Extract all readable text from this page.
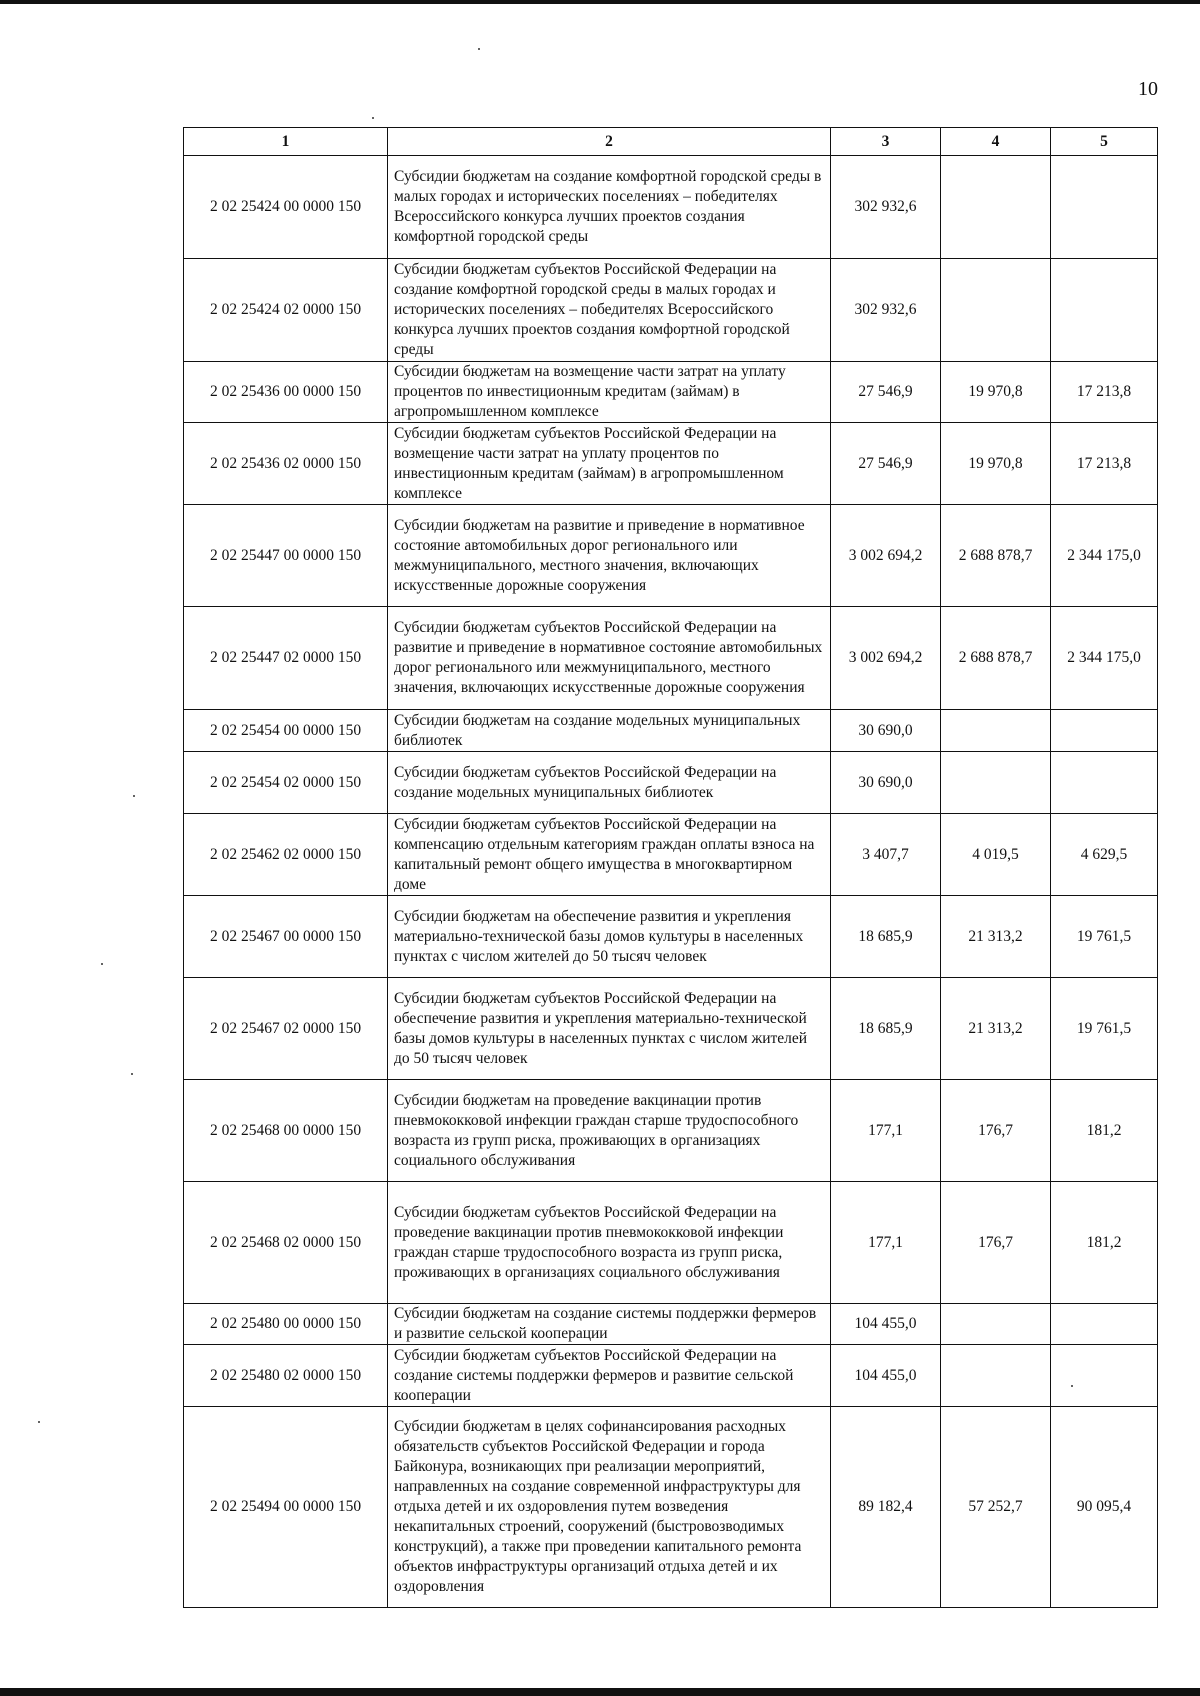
10
1	2	3	4	5
2 02 25424 00 0000 150	Субсидии бюджетам на создание комфортной городской среды в малых городах и исторических поселениях – победителях Всероссийского конкурса лучших проектов создания комфортной городской среды	302 932,6		
2 02 25424 02 0000 150	Субсидии бюджетам субъектов Российской Федерации на создание комфортной городской среды в малых городах и исторических поселениях – победителях Всероссийского конкурса лучших проектов создания комфортной городской среды	302 932,6		
2 02 25436 00 0000 150	Субсидии бюджетам на возмещение части затрат на уплату процентов по инвестиционным кредитам (займам) в агропромышленном комплексе	27 546,9	19 970,8	17 213,8
2 02 25436 02 0000 150	Субсидии бюджетам субъектов Российской Федерации на возмещение части затрат на уплату процентов по инвестиционным кредитам (займам) в агропромышленном комплексе	27 546,9	19 970,8	17 213,8
2 02 25447 00 0000 150	Субсидии бюджетам на развитие и приведение в нормативное состояние автомобильных дорог регионального или межмуниципального, местного значения, включающих искусственные дорожные сооружения	3 002 694,2	2 688 878,7	2 344 175,0
2 02 25447 02 0000 150	Субсидии бюджетам субъектов Российской Федерации на развитие и приведение в нормативное состояние автомобильных дорог регионального или межмуниципального, местного значения, включающих искусственные дорожные сооружения	3 002 694,2	2 688 878,7	2 344 175,0
2 02 25454 00 0000 150	Субсидии бюджетам на создание модельных муниципальных библиотек	30 690,0		
2 02 25454 02 0000 150	Субсидии бюджетам субъектов Российской Федерации на создание модельных муниципальных библиотек	30 690,0		
2 02 25462 02 0000 150	Субсидии бюджетам субъектов Российской Федерации на компенсацию отдельным категориям граждан оплаты взноса на капитальный ремонт общего имущества в многоквартирном доме	3 407,7	4 019,5	4 629,5
2 02 25467 00 0000 150	Субсидии бюджетам на обеспечение развития и укрепления материально-технической базы домов культуры в населенных пунктах с числом жителей до 50 тысяч человек	18 685,9	21 313,2	19 761,5
2 02 25467 02 0000 150	Субсидии бюджетам субъектов Российской Федерации на обеспечение развития и укрепления материально-технической базы домов культуры в населенных пунктах с числом жителей до 50 тысяч человек	18 685,9	21 313,2	19 761,5
2 02 25468 00 0000 150	Субсидии бюджетам на проведение вакцинации против пневмококковой инфекции граждан старше трудоспособного возраста из групп риска, проживающих в организациях социального обслуживания	177,1	176,7	181,2
2 02 25468 02 0000 150	Субсидии бюджетам субъектов Российской Федерации на проведение вакцинации против пневмококковой инфекции граждан старше трудоспособного возраста из групп риска, проживающих в организациях социального обслуживания	177,1	176,7	181,2
2 02 25480 00 0000 150	Субсидии бюджетам на создание системы поддержки фермеров и развитие сельской кооперации	104 455,0		
2 02 25480 02 0000 150	Субсидии бюджетам субъектов Российской Федерации на создание системы поддержки фермеров и развитие сельской кооперации	104 455,0		
2 02 25494 00 0000 150	Субсидии бюджетам в целях софинансирования расходных обязательств субъектов Российской Федерации и города Байконура, возникающих при реализации мероприятий, направленных на создание современной инфраструктуры для отдыха детей и их оздоровления путем возведения некапитальных строений, сооружений (быстровозводимых конструкций), а также при проведении капитального ремонта объектов инфраструктуры организаций отдыха детей и их оздоровления	89 182,4	57 252,7	90 095,4
